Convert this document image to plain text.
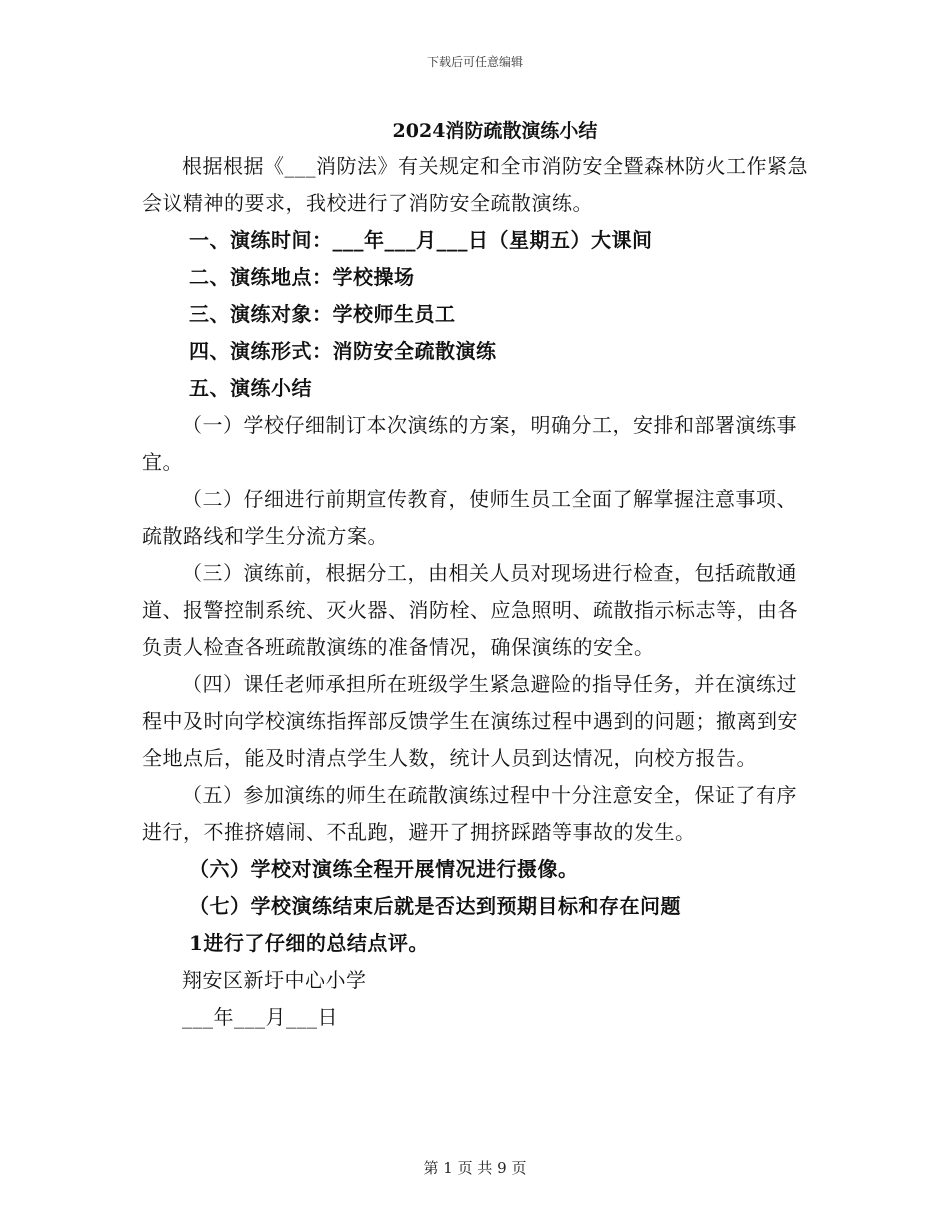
下载后可任意编辑
2024消防疏散演练小结

根据根据《___消防法》有关规定和全市消防安全暨森林防火工作紧急会议精神的要求，我校进行了消防安全疏散演练。

一、演练时间：___年___月___日（星期五）大课间

二、演练地点：学校操场

三、演练对象：学校师生员工

四、演练形式：消防安全疏散演练

五、演练小结

（一）学校仔细制订本次演练的方案，明确分工，安排和部署演练事宜。

（二）仔细进行前期宣传教育，使师生员工全面了解掌握注意事项、疏散路线和学生分流方案。

（三）演练前，根据分工，由相关人员对现场进行检查，包括疏散通道、报警控制系统、灭火器、消防栓、应急照明、疏散指示标志等，由各负责人检查各班疏散演练的准备情况，确保演练的安全。

（四）课任老师承担所在班级学生紧急避险的指导任务，并在演练过程中及时向学校演练指挥部反馈学生在演练过程中遇到的问题；撤离到安全地点后，能及时清点学生人数，统计人员到达情况，向校方报告。

（五）参加演练的师生在疏散演练过程中十分注意安全，保证了有序进行，不推挤嬉闹、不乱跑，避开了拥挤踩踏等事故的发生。

（六）学校对演练全程开展情况进行摄像。

（七）学校演练结束后就是否达到预期目标和存在问题

1进行了仔细的总结点评。

翔安区新圩中心小学

___年___月___日

第 1 页 共 9 页
